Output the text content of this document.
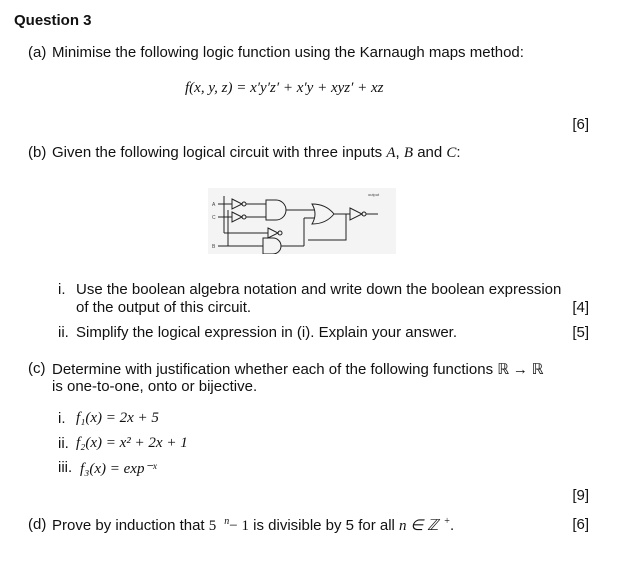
Question 3
(a) Minimise the following logic function using the Karnaugh maps method:
f(x, y, z) = x′y′z′ + x′y + xyz′ + xz
[6]
(b) Given the following logical circuit with three inputs A, B and C:
A
C
B
output
i. Use the boolean algebra notation and write down the boolean expression
of the output of this circuit.	[4]
ii. Simplify the logical expression in (i). Explain your answer.	[5]
(c) Determine with justification whether each of the following functions ℝ → ℝ
is one-to-one, onto or bijective.
i. f₁(x) = 2x + 5
ii. f₂(x) = x² + 2x + 1
iii. f₃(x) = exp⁻ˣ
[9]
(d) Prove by induction that 5 $^n$− 1 is divisible by 5 for all n ∈ ℤ +.	[6]
